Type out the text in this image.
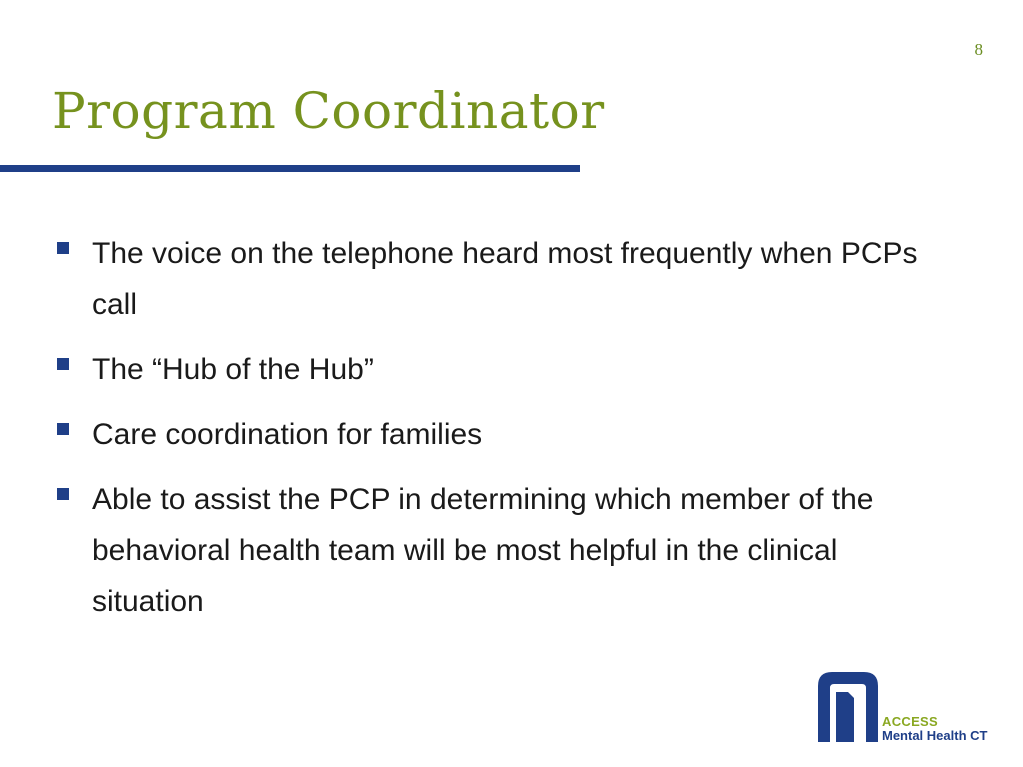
8
Program Coordinator
The voice on the telephone heard most frequently when PCPs call
The “Hub of the Hub”
Care coordination for families
Able to assist the PCP in determining which member of the behavioral health team will be most helpful in the clinical situation
ACCESS
Mental Health CT
